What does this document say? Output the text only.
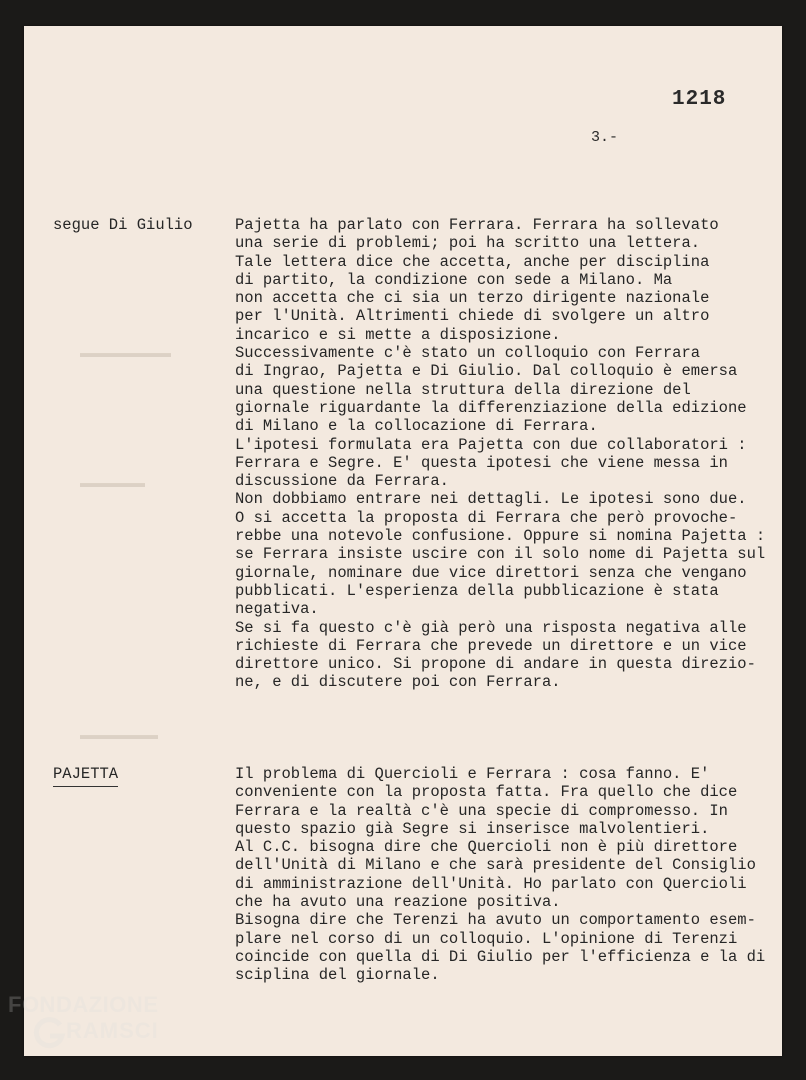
▬▬▬▬▬▬▬
▬▬▬▬▬
▬▬▬▬▬▬
1218
3.-
segue Di Giulio	Pajetta ha parlato con Ferrara. Ferrara ha sollevato
una serie di problemi; poi ha scritto una lettera.
Tale lettera dice che accetta, anche per disciplina
di partito, la condizione con sede a Milano. Ma
non accetta che ci sia un terzo dirigente nazionale
per l'Unità. Altrimenti chiede di svolgere un altro
incarico e si mette a disposizione.
Successivamente c'è stato un colloquio con Ferrara
di Ingrao, Pajetta e Di Giulio. Dal colloquio è emersa
una questione nella struttura della direzione del
giornale riguardante la differenziazione della edizione
di Milano e la collocazione di Ferrara.
L'ipotesi formulata era Pajetta con due collaboratori :
Ferrara e Segre. E' questa ipotesi che viene messa in
discussione da Ferrara.
Non dobbiamo entrare nei dettagli. Le ipotesi sono due.
O si accetta la proposta di Ferrara che però provoche-
rebbe una notevole confusione. Oppure si nomina Pajetta :
se Ferrara insiste uscire con il solo nome di Pajetta sul
giornale, nominare due vice direttori senza che vengano
pubblicati. L'esperienza della pubblicazione è stata
negativa.
Se si fa questo c'è già però una risposta negativa alle
richieste di Ferrara che prevede un direttore e un vice
direttore unico. Si propone di andare in questa direzio-
ne, e di discutere poi con Ferrara.
PAJETTA	Il problema di Quercioli e Ferrara : cosa fanno. E'
conveniente con la proposta fatta. Fra quello che dice
Ferrara e la realtà c'è una specie di compromesso. In
questo spazio già Segre si inserisce malvolentieri.
Al C.C. bisogna dire che Quercioli non è più direttore
dell'Unità di Milano e che sarà presidente del Consiglio
di amministrazione dell'Unità. Ho parlato con Quercioli
che ha avuto una reazione positiva.
Bisogna dire che Terenzi ha avuto un comportamento esem-
plare nel corso di un colloquio. L'opinione di Terenzi
coincide con quella di Di Giulio per l'efficienza e la di
sciplina del giornale.
FONDAZIONE
RAMSCI
